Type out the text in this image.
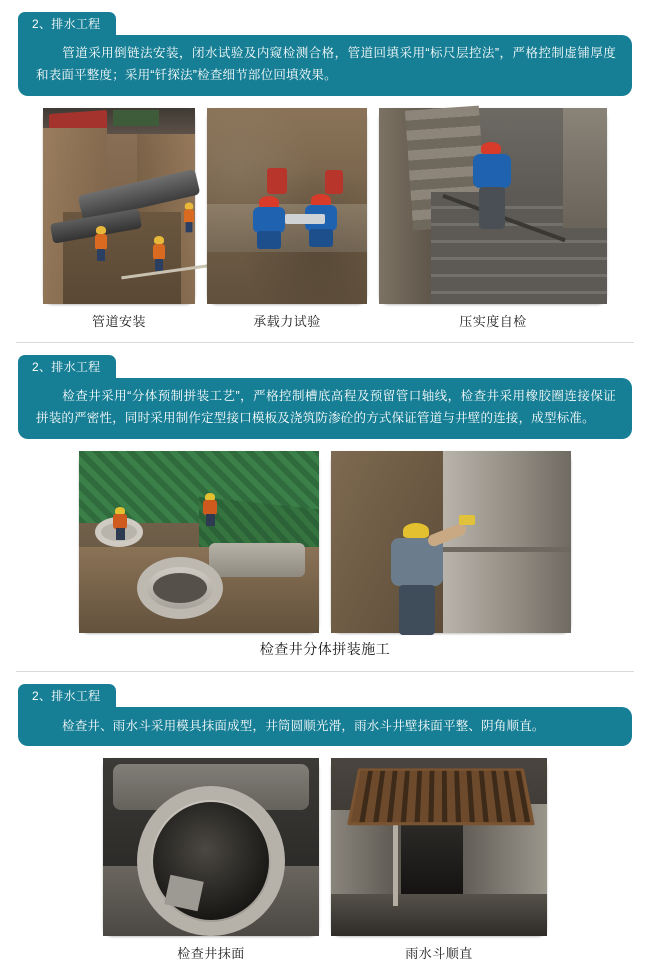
2、排水工程
管道采用倒链法安装，闭水试验及内窥检测合格，管道回填采用“标尺层控法”，严格控制虚铺厚度和表面平整度；采用“钎探法”检查细节部位回填效果。
管道安装	承载力试验	压实度自检
2、排水工程
检查井采用“分体预制拼装工艺”，严格控制槽底高程及预留管口轴线，检查井采用橡胶圈连接保证拼装的严密性，同时采用制作定型接口模板及浇筑防渗砼的方式保证管道与井壁的连接，成型标准。
检查井分体拼装施工
2、排水工程
检查井、雨水斗采用模具抹面成型，井筒圆顺光滑，雨水斗井壁抹面平整、阴角顺直。
检查井抹面	雨水斗顺直
